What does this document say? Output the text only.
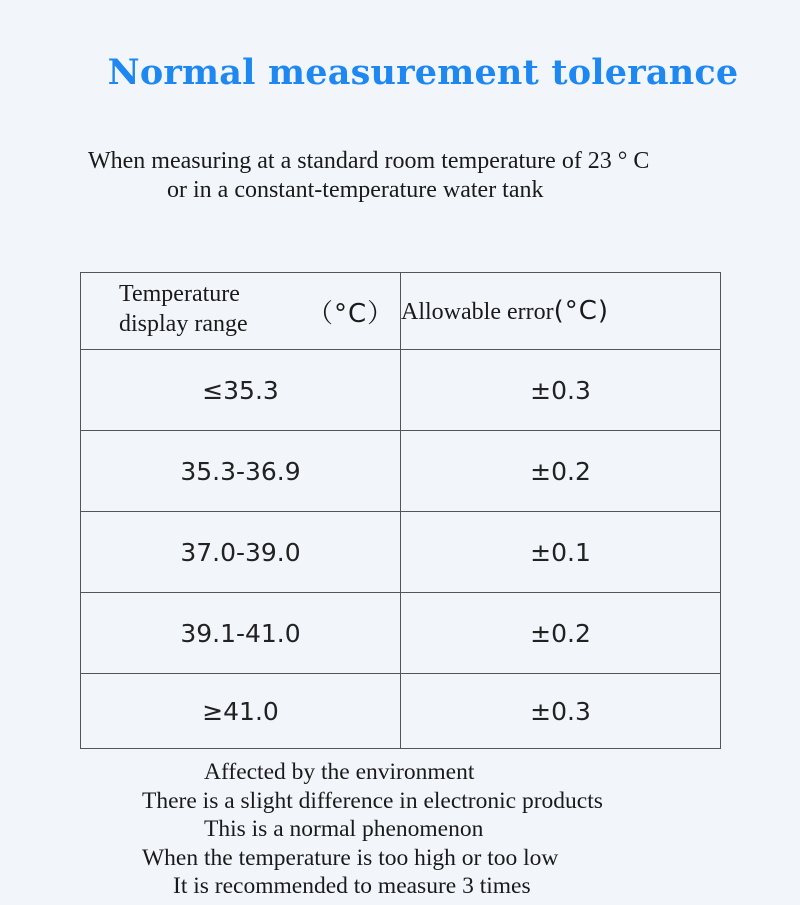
Normal measurement tolerance
When measuring at a standard room temperature of 23 ° C
or in a constant-temperature water tank
Temperature
display range （°C）	Allowable error(°C)
≤35.3	±0.3
35.3-36.9	±0.2
37.0-39.0	±0.1
39.1-41.0	±0.2
≥41.0	±0.3
Affected by the environment
There is a slight difference in electronic products
This is a normal phenomenon
When the temperature is too high or too low
It is recommended to measure 3 times
